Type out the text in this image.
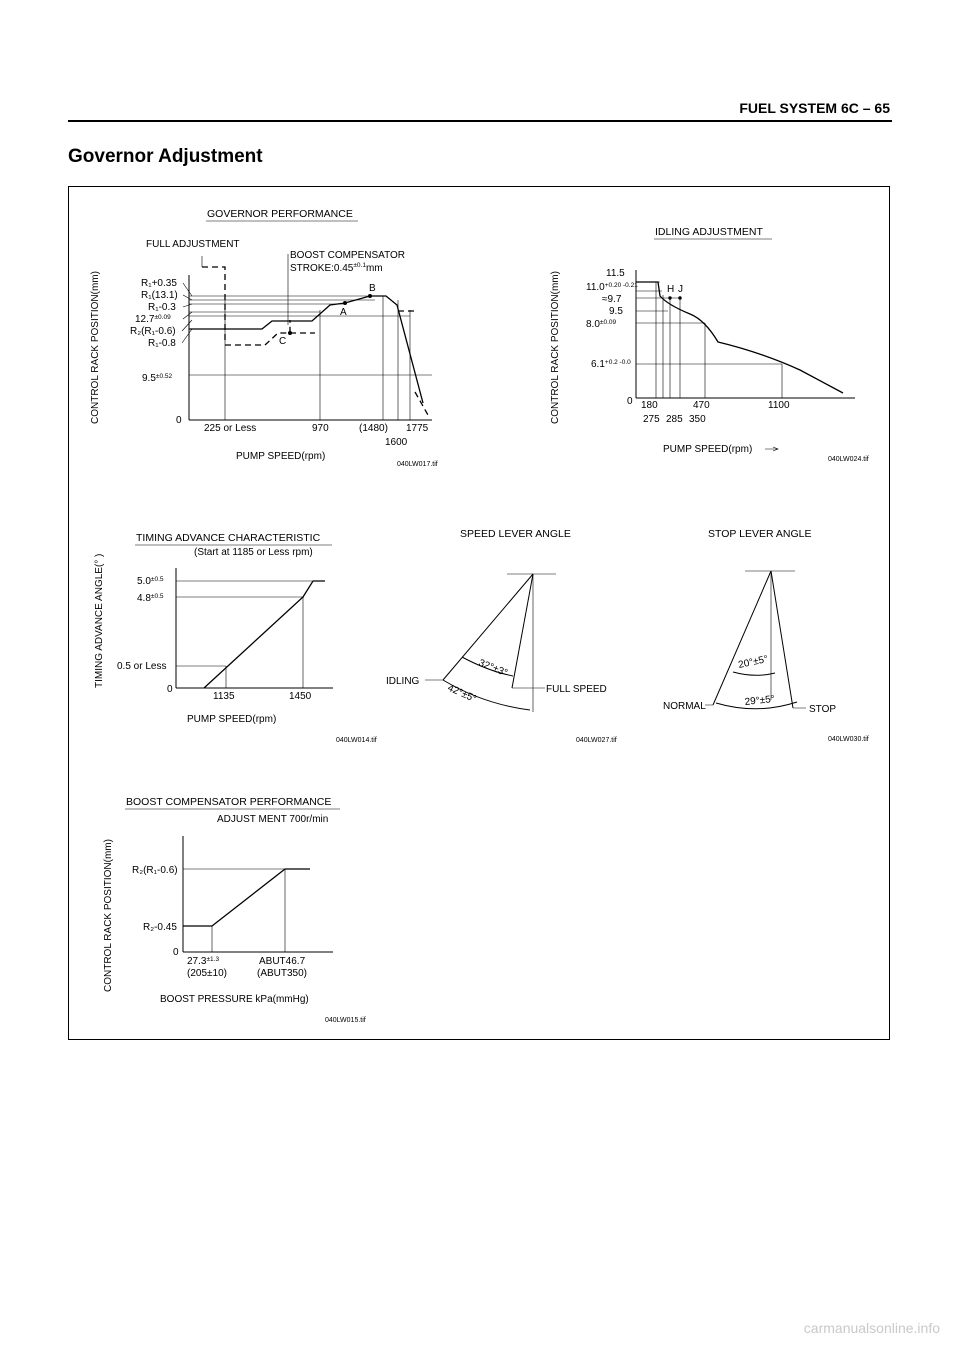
FUEL SYSTEM 6C – 65
Governor Adjustment
GOVERNOR PERFORMANCE
FULL ADJUSTMENT
BOOST COMPENSATOR
$STROKE:0.45^{\pm 0.1}mm$
CONTROL RACK POSITION(mm)	R₁+0.35
R₁(13.1)
R₁-0.3
$12.7^{\pm 0.09}$
R₂(R₁-0.6)
R₁-0.8
$9.5^{\pm 0.52}$
0
A
B
C
225 or Less	970	(1480) 1775
1600
PUMP SPEED(rpm)
040LW017.tif
IDLING ADJUSTMENT
CONTROL RACK POSITION(mm)	11.5
$11.0^{+0.20 -0.21}$
≈9.7
9.5
$8.0^{\pm 0.09}$
$6.1^{+0.2 -0.0}$
0
H J
180
275 285 350
470	1100
PUMP SPEED(rpm)
040LW024.tif
TIMING ADVANCE CHARACTERISTIC
(Start at 1185 or Less rpm)
TIMING ADVANCE ANGLE(° )	$5.0^{\pm 0.5}$
$4.8^{\pm 0.5}$
0.5 or Less
0
1135	1450
PUMP SPEED(rpm)
040LW014.tif
SPEED LEVER ANGLE
32°±3°
42°±5°
IDLING
FULL SPEED
040LW027.tif
STOP LEVER ANGLE
20°±5°
29°±5°
NORMAL	STOP
040LW030.tif
BOOST COMPENSATOR PERFORMANCE
ADJUST MENT 700r/min
CONTROL RACK POSITION(mm) R₂(R₁-0.6)
R₂-0.45
0
$27.3^{\pm 1.3}$
(205±10)
ABUT46.7
(ABUT350)
BOOST PRESSURE kPa(mmHg)
040LW015.tif
carmanualsonline.info
